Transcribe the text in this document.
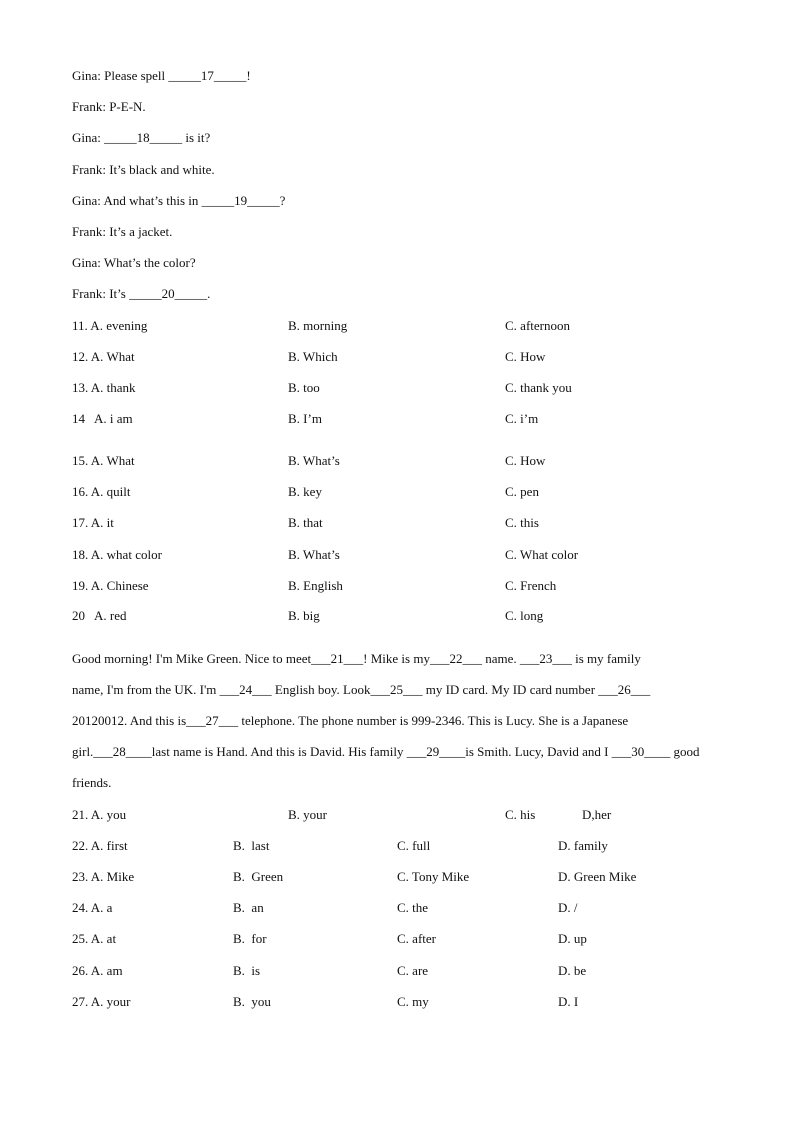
Gina: Please spell _____17_____!
Frank: P-E-N.
Gina: _____18_____ is it?
Frank: It’s black and white.
Gina: And what’s this in _____19_____?
Frank: It’s a jacket.
Gina: What’s the color?
Frank: It’s _____20_____.
11. A. evening	B. morning	C. afternoon
12. A. What	B. Which	C. How
13. A. thank	B. too	C. thank you
14   A. i am	B. I’m	C. i’m
15. A. What	B. What’s	C. How
16. A. quilt	B. key	C. pen
17. A. it	B. that	C. this
18. A. what color	B. What’s	C. What color
19. A. Chinese	B. English	C. French
20   A. red	B. big	C. long
Good morning! I'm Mike Green. Nice to meet___21___! Mike is my___22___ name. ___23___ is my family
name, I'm from the UK. I'm ___24___ English boy. Look___25___ my ID card. My ID card number ___26___
20120012. And this is___27___ telephone. The phone number is 999-2346. This is Lucy. She is a Japanese
girl.___28____last name is Hand. And this is David. His family ___29____is Smith. Lucy, David and I ___30____ good
friends.
21. A. you	B. your	C. his	D,her
22. A. first	B.  last	C. full	D. family
23. A. Mike	B.  Green	C. Tony Mike	D. Green Mike
24. A. a	B.  an	C. the	D. /
25. A. at	B.  for	C. after	D. up
26. A. am	B.  is	C. are	D. be
27. A. your	B.  you	C. my	D. I
